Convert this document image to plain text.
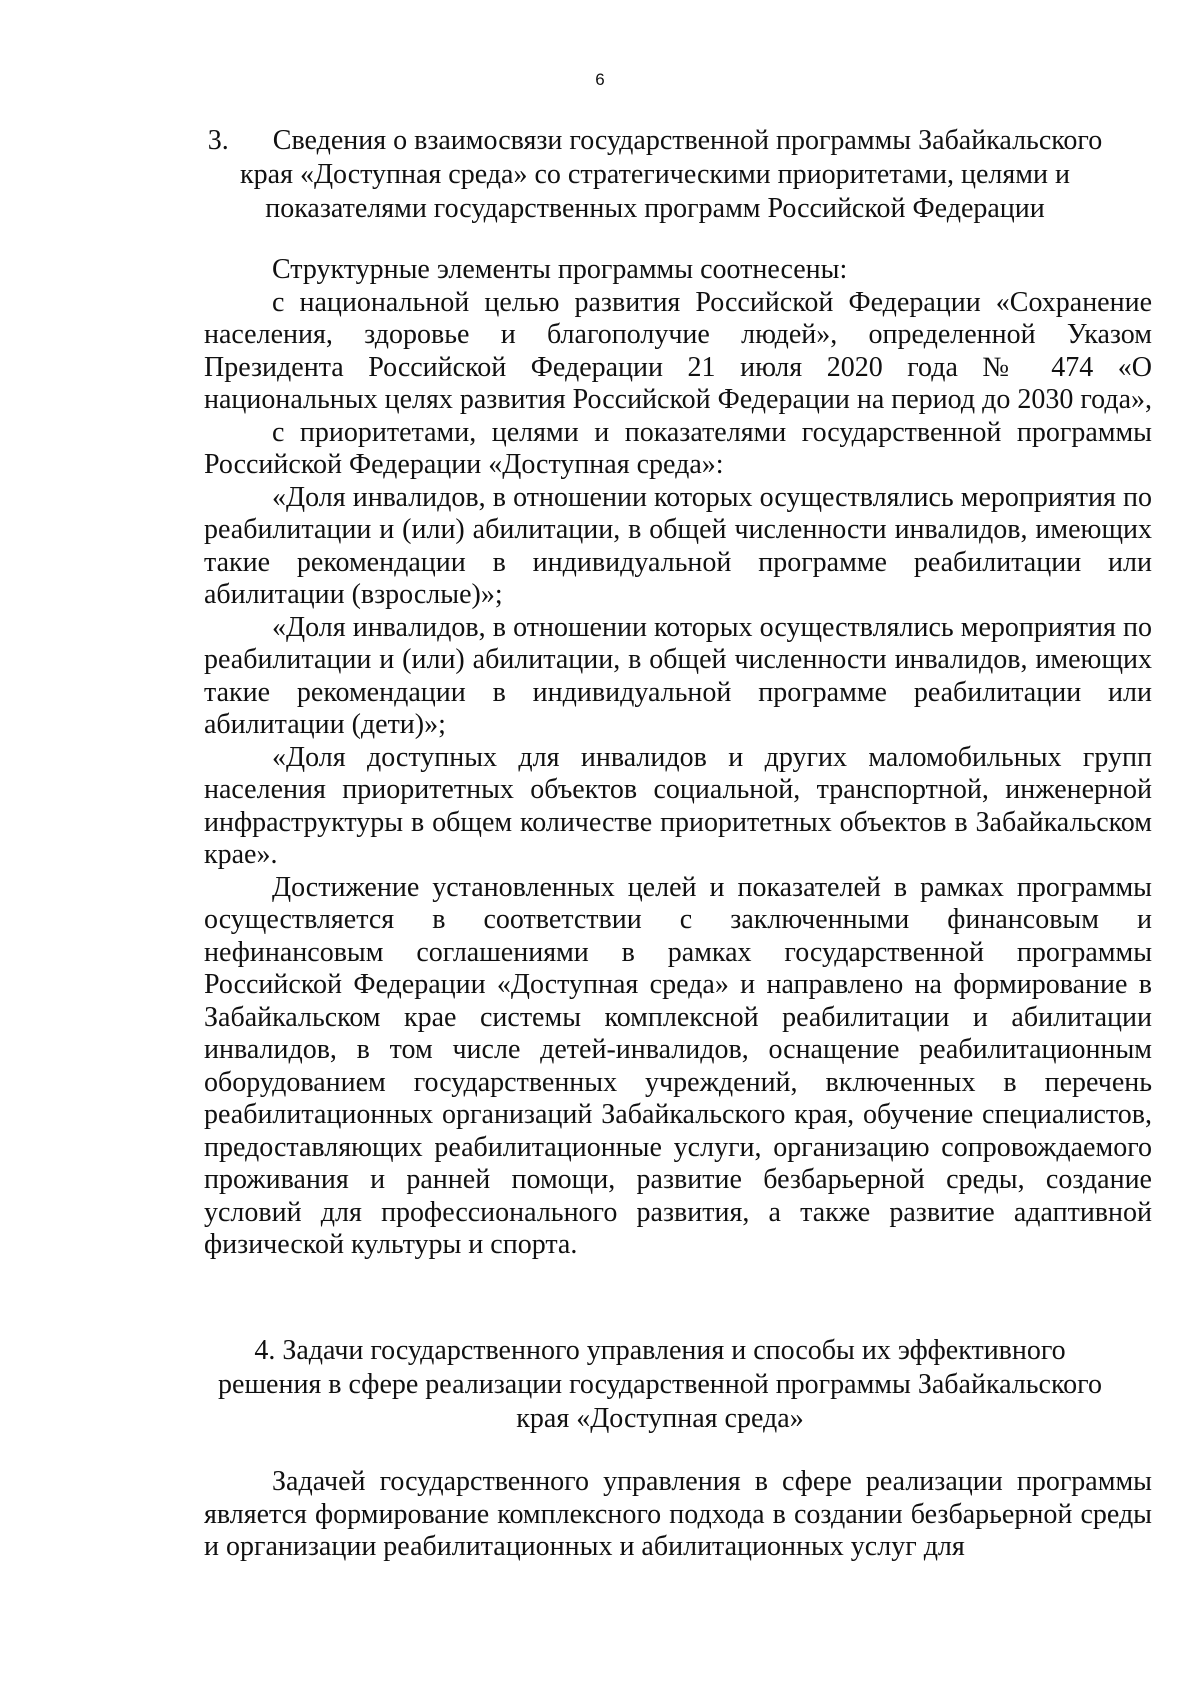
6
3. Сведения о взаимосвязи государственной программы Забайкальского края «Доступная среда» со стратегическими приоритетами, целями и показателями государственных программ Российской Федерации

Структурные элементы программы соотнесены:

с национальной целью развития Российской Федерации «Сохранение населения, здоровье и благополучие людей», определенной Указом Президента Российской Федерации 21 июля 2020 года № 474 «О национальных целях развития Российской Федерации на период до 2030 года»,

с приоритетами, целями и показателями государственной программы Российской Федерации «Доступная среда»:

«Доля инвалидов, в отношении которых осуществлялись мероприятия по реабилитации и (или) абилитации, в общей численности инвалидов, имеющих такие рекомендации в индивидуальной программе реабилитации или абилитации (взрослые)»;

«Доля инвалидов, в отношении которых осуществлялись мероприятия по реабилитации и (или) абилитации, в общей численности инвалидов, имеющих такие рекомендации в индивидуальной программе реабилитации или абилитации (дети)»;

«Доля доступных для инвалидов и других маломобильных групп населения приоритетных объектов социальной, транспортной, инженерной инфраструктуры в общем количестве приоритетных объектов в Забайкальском крае».

Достижение установленных целей и показателей в рамках программы осуществляется в соответствии с заключенными финансовым и нефинансовым соглашениями в рамках государственной программы Российской Федерации «Доступная среда» и направлено на формирование в Забайкальском крае системы комплексной реабилитации и абилитации инвалидов, в том числе детей-инвалидов, оснащение реабилитационным оборудованием государственных учреждений, включенных в перечень реабилитационных организаций Забайкальского края, обучение специалистов, предоставляющих реабилитационные услуги, организацию сопровождаемого проживания и ранней помощи, развитие безбарьерной среды, создание условий для профессионального развития, а также развитие адаптивной физической культуры и спорта.

4. Задачи государственного управления и способы их эффективного решения в сфере реализации государственной программы Забайкальского края «Доступная среда»

Задачей государственного управления в сфере реализации программы является формирование комплексного подхода в создании безбарьерной среды и организации реабилитационных и абилитационных услуг для
